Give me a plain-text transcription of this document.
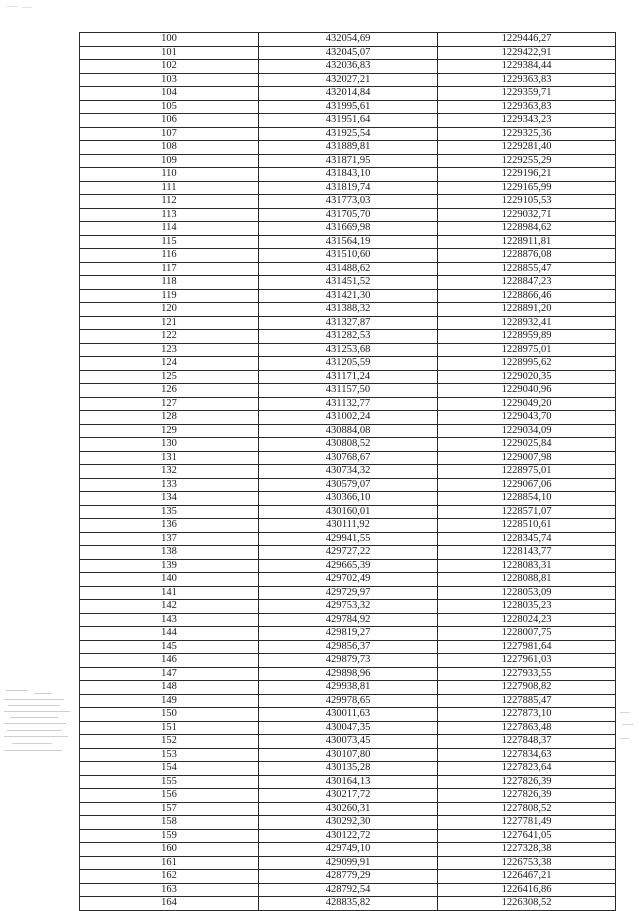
100	432054,69	1229446,27
101	432045,07	1229422,91
102	432036,83	1229384,44
103	432027,21	1229363,83
104	432014,84	1229359,71
105	431995,61	1229363,83
106	431951,64	1229343,23
107	431925,54	1229325,36
108	431889,81	1229281,40
109	431871,95	1229255,29
110	431843,10	1229196,21
111	431819,74	1229165,99
112	431773,03	1229105,53
113	431705,70	1229032,71
114	431669,98	1228984,62
115	431564,19	1228911,81
116	431510,60	1228876,08
117	431488,62	1228855,47
118	431451,52	1228847,23
119	431421,30	1228866,46
120	431388,32	1228891,20
121	431327,87	1228932,41
122	431282,53	1228959,89
123	431253,68	1228975,01
124	431205,59	1228995,62
125	431171,24	1229020,35
126	431157,50	1229040,96
127	431132,77	1229049,20
128	431002,24	1229043,70
129	430884,08	1229034,09
130	430808,52	1229025,84
131	430768,67	1229007,98
132	430734,32	1228975,01
133	430579,07	1229067,06
134	430366,10	1228854,10
135	430160,01	1228571,07
136	430111,92	1228510,61
137	429941,55	1228345,74
138	429727,22	1228143,77
139	429665,39	1228083,31
140	429702,49	1228088,81
141	429729,97	1228053,09
142	429753,32	1228035,23
143	429784,92	1228024,23
144	429819,27	1228007,75
145	429856,37	1227981,64
146	429879,73	1227961,03
147	429898,96	1227933,55
148	429938,81	1227908,82
149	429978,65	1227885,47
150	430011,63	1227873,10
151	430047,35	1227863,48
152	430073,45	1227848,37
153	430107,80	1227834,63
154	430135,28	1227823,64
155	430164,13	1227826,39
156	430217,72	1227826,39
157	430260,31	1227808,52
158	430292,30	1227781,49
159	430122,72	1227641,05
160	429749,10	1227328,38
161	429099,91	1226753,38
162	428779,29	1226467,21
163	428792,54	1226416,86
164	428835,82	1226308,52
